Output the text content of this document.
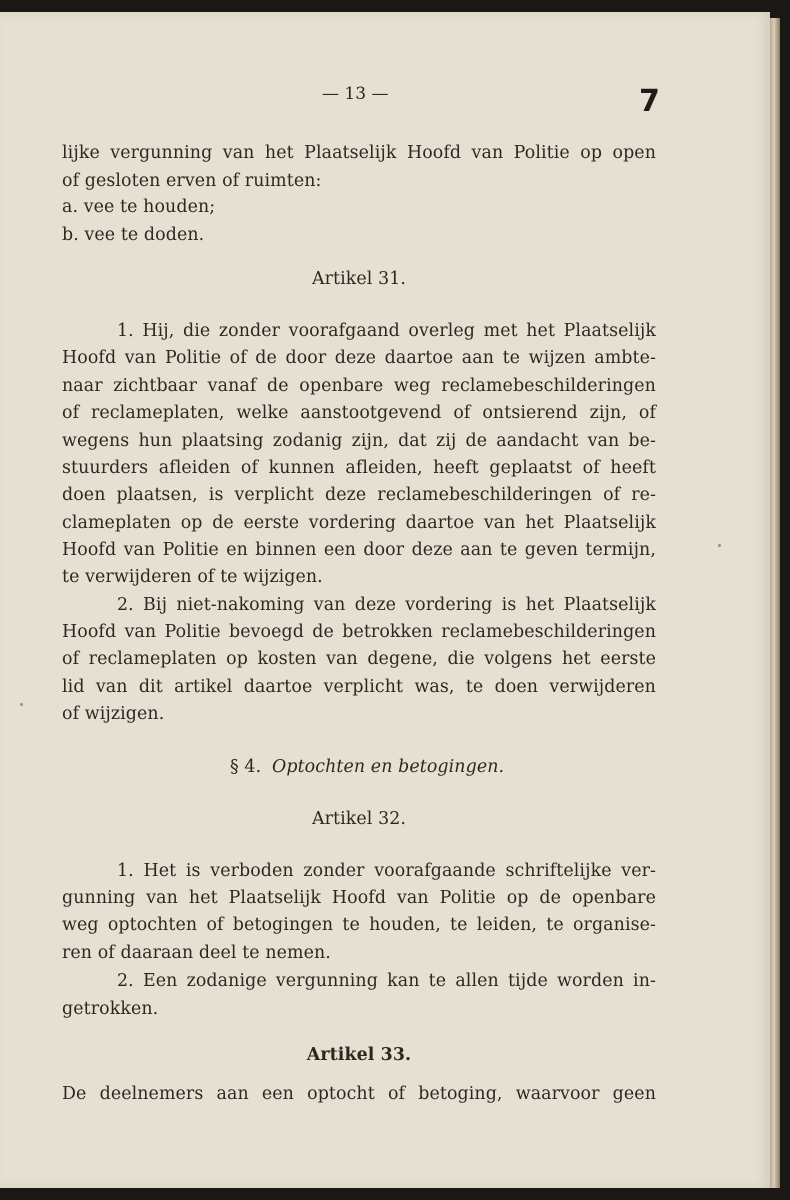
— 13 —	7
lijke vergunning van het Plaatselijk Hoofd van Politie op open
of gesloten erven of ruimten:
a. vee te houden;
b. vee te doden.
Artikel 31.
1. Hij, die zonder voorafgaand overleg met het Plaatselijk
Hoofd van Politie of de door deze daartoe aan te wijzen ambte-
naar zichtbaar vanaf de openbare weg reclamebeschilderingen
of reclameplaten, welke aanstootgevend of ontsierend zijn, of
wegens hun plaatsing zodanig zijn, dat zij de aandacht van be-
stuurders afleiden of kunnen afleiden, heeft geplaatst of heeft
doen plaatsen, is verplicht deze reclamebeschilderingen of re-
clameplaten op de eerste vordering daartoe van het Plaatselijk
Hoofd van Politie en binnen een door deze aan te geven termijn,
te verwijderen of te wijzigen.
2. Bij niet-nakoming van deze vordering is het Plaatselijk
Hoofd van Politie bevoegd de betrokken reclamebeschilderingen
of reclameplaten op kosten van degene, die volgens het eerste
lid van dit artikel daartoe verplicht was, te doen verwijderen
of wijzigen.
§ 4. Optochten en betogingen.
Artikel 32.
1. Het is verboden zonder voorafgaande schriftelijke ver-
gunning van het Plaatselijk Hoofd van Politie op de openbare
weg optochten of betogingen te houden, te leiden, te organise-
ren of daaraan deel te nemen.
2. Een zodanige vergunning kan te allen tijde worden in-
getrokken.
Artikel 33.
De deelnemers aan een optocht of betoging, waarvoor geen
